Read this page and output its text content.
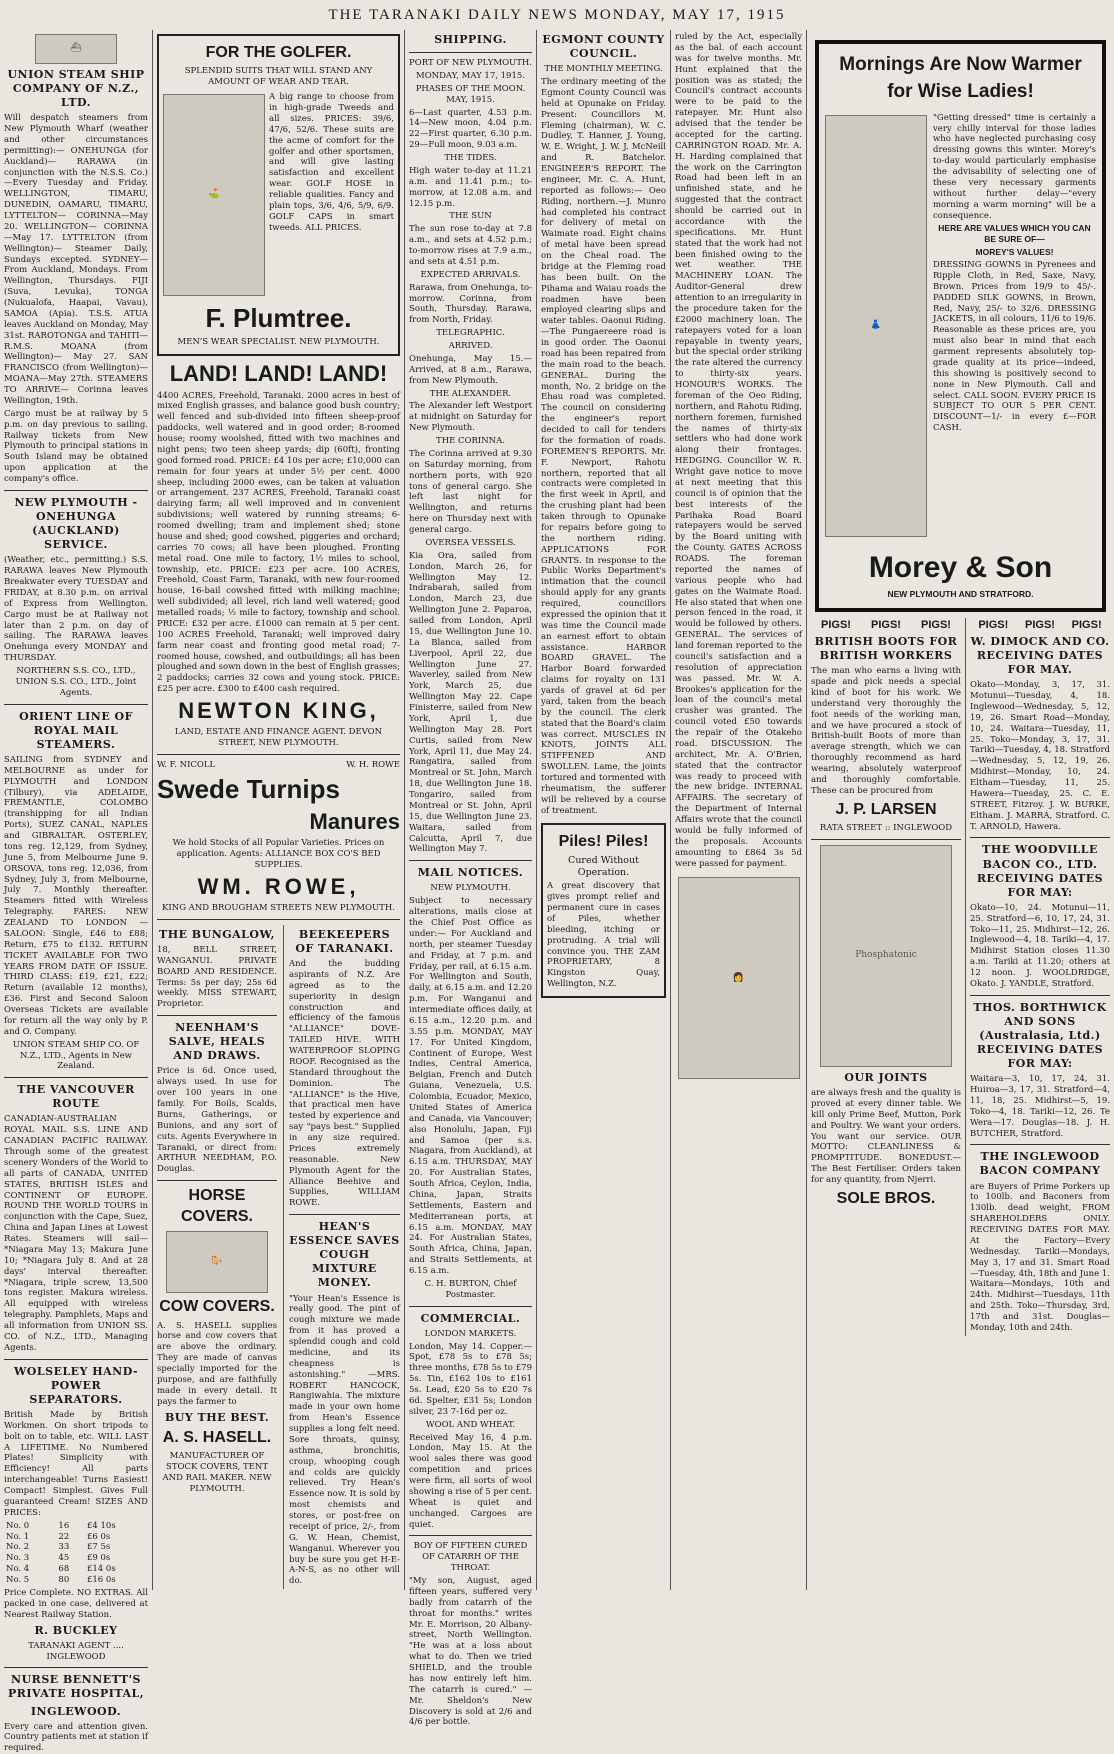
THE TARANAKI DAILY NEWS MONDAY, MAY 17, 1915
⛴
UNION STEAM SHIP COMPANY OF N.Z., LTD.
Will despatch steamers from New Plymouth Wharf (weather and other circumstances permitting):— ONEHUNGA (for Auckland)— RARAWA (in conjunction with the N.S.S. Co.)—Every Tuesday and Friday. WELLINGTON, TIMARU, DUNEDIN, OAMARU, TIMARU, LYTTELTON— CORINNA—May 20. WELLINGTON— CORINNA—May 17. LYTTELTON (from Wellington)— Steamer Daily, Sundays excepted. SYDNEY— From Auckland, Mondays. From Wellington, Thursdays. FIJI (Suva, Levuka), TONGA (Nukualofa, Haapai, Vavau), SAMOA (Apia). T.S.S. ATUA leaves Auckland on Monday, May 31st. RAROTONGA and TAHITI— R.M.S. MOANA (from Wellington)— May 27. SAN FRANCISCO (from Wellington)— MOANA—May 27th. STEAMERS TO ARRIVE— Corinna leaves Wellington, 19th.
Cargo must be at railway by 5 p.m. on day previous to sailing. Railway tickets from New Plymouth to principal stations in South Island may be obtained upon application at the company's office.
NEW PLYMOUTH - ONEHUNGA (AUCKLAND) SERVICE.
(Weather, etc., permitting.) S.S. RARAWA leaves New Plymouth Breakwater every TUESDAY and FRIDAY, at 8.30 p.m. on arrival of Express from Wellington. Cargo must be at Railway not later than 2 p.m. on day of sailing. The RARAWA leaves Onehunga every MONDAY and THURSDAY.
NORTHERN S.S. CO., LTD., UNION S.S. CO., LTD., Joint Agents.
ORIENT LINE OF ROYAL MAIL STEAMERS.
SAILING from SYDNEY and MELBOURNE as under for PLYMOUTH and LONDON (Tilbury), via ADELAIDE, FREMANTLE, COLOMBO (transhipping for all Indian Ports), SUEZ CANAL, NAPLES and GIBRALTAR. OSTERLEY, tons reg. 12,129, from Sydney, June 5, from Melbourne June 9. ORSOVA, tons reg. 12,036, from Sydney, July 3, from Melbourne, July 7. Monthly thereafter. Steamers fitted with Wireless Telegraphy. FARES: NEW ZEALAND TO LONDON —SALOON: Single, £46 to £88; Return, £75 to £132. RETURN TICKET AVAILABLE FOR TWO YEARS FROM DATE OF ISSUE. THIRD CLASS: £19, £21, £22; Return (available 12 months), £36. First and Second Saloon Overseas Tickets are available for return all the way only by P. and O. Company.
UNION STEAM SHIP CO. OF N.Z., LTD., Agents in New Zealand.
THE VANCOUVER ROUTE
CANADIAN-AUSTRALIAN ROYAL MAIL S.S. LINE AND CANADIAN PACIFIC RAILWAY. Through some of the greatest scenery Wonders of the World to all parts of CANADA, UNITED STATES, BRITISH ISLES and CONTINENT OF EUROPE. ROUND THE WORLD TOURS in conjunction with the Cape, Suez, China and Japan Lines at Lowest Rates. Steamers will sail— *Niagara May 13; Makura June 10; *Niagara July 8. And at 28 days' interval thereafter. *Niagara, triple screw, 13,500 tons register. Makura wireless. All equipped with wireless telegraphy. Pamphlets, Maps and all information from UNION SS. CO. of N.Z., LTD., Managing Agents.
WOLSELEY HAND-POWER SEPARATORS.
British Made by British Workmen. On short tripods to bolt on to table, etc. WILL LAST A LIFETIME. No Numbered Plates! Simplicity with Efficiency! All parts interchangeable! Turns Easiest! Compact! Simplest. Gives Full guaranteed Cream! SIZES AND PRICES:
No. 0	16	£4 10s
No. 1	22	£6 0s
No. 2	33	£7 5s
No. 3	45	£9 0s
No. 4	68	£14 0s
No. 5	80	£16 0s
Price Complete. NO EXTRAS. All packed in one case, delivered at Nearest Railway Station.
R. BUCKLEY
TARANAKI AGENT .... INGLEWOOD
NURSE BENNETT'S PRIVATE HOSPITAL,
INGLEWOOD.
Every care and attention given. Country patients met at station if required.
FOR THE GOLFER.
SPLENDID SUITS THAT WILL STAND ANY AMOUNT OF WEAR AND TEAR.
⛳
A big range to choose from in high-grade Tweeds and all sizes. PRICES: 39/6, 47/6, 52/6. These suits are the acme of comfort for the golfer and other sportsmen, and will give lasting satisfaction and excellent wear. GOLF HOSE in reliable qualities. Fancy and plain tops, 3/6, 4/6, 5/9, 6/9. GOLF CAPS in smart tweeds. ALL PRICES.
F. Plumtree.
MEN'S WEAR SPECIALIST. NEW PLYMOUTH.
LAND! LAND! LAND!
4400 ACRES, Freehold, Taranaki. 2000 acres in best of mixed English grasses, and balance good bush country; well fenced and sub-divided into fifteen sheep-proof paddocks, well watered and in good order; 8-roomed house; roomy woolshed, fitted with two machines and night pens; two teen sheep yards; dip (60ft), fronting good formed road. PRICE: £4 10s per acre; £10,000 can remain for four years at under 5½ per cent. 4000 sheep, including 2000 ewes, can be taken at valuation or arrangement. 237 ACRES, Freehold, Taranaki coast dairying farm; all well improved and in convenient subdivisions; well watered by running streams; 6-roomed dwelling; tram and implement shed; stone house and shed; good cowshed, piggeries and orchard; carries 70 cows; all have been ploughed. Fronting metal road. One mile to factory, 1½ miles to school, township, etc. PRICE: £23 per acre. 100 ACRES, Freehold, Coast Farm, Taranaki, with new four-roomed house, 16-bail cowshed fitted with milking machine; well subdivided; all level, rich land well watered; good metalled roads; ½ mile to factory, township and school. PRICE: £32 per acre. £1000 can remain at 5 per cent. 100 ACRES Freehold, Taranaki; well improved dairy farm near coast and fronting good metal road; 7-roomed house, cowshed, and outbuildings; all has been ploughed and sown down in the best of English grasses; 2 paddocks; carries 32 cows and young stock. PRICE: £25 per acre. £300 to £400 cash required.
NEWTON KING,
LAND, ESTATE AND FINANCE AGENT. DEVON STREET, NEW PLYMOUTH.
W. F. NICOLL	W. H. ROWE
Swede Turnips
Manures
We hold Stocks of all Popular Varieties. Prices on application. Agents: ALLIANCE BOX CO'S BED SUPPLIES.
WM. ROWE,
KING AND BROUGHAM STREETS NEW PLYMOUTH.
THE BUNGALOW,
18, BELL STREET, WANGANUI. PRIVATE BOARD AND RESIDENCE. Terms: 5s per day; 25s 6d weekly. MISS STEWART, Proprietor.
NEENHAM'S SALVE, HEALS AND DRAWS.
Price is 6d. Once used, always used. In use for over 100 years in one family. For Boils, Scalds, Burns, Gatherings, or Bunions, and any sort of cuts. Agents Everywhere in Taranaki, or direct from: ARTHUR NEEDHAM, P.O. Douglas.
HORSE COVERS.
🐎
COW COVERS.
A. S. HASELL supplies horse and cow covers that are above the ordinary. They are made of canvas specially imported for the purpose, and are faithfully made in every detail. It pays the farmer to
BUY THE BEST.
A. S. HASELL.
MANUFACTURER OF STOCK COVERS, TENT AND RAIL MAKER. NEW PLYMOUTH.
BEEKEEPERS OF TARANAKI.
And the budding aspirants of N.Z. Are agreed as to the superiority in design construction and efficiency of the famous "ALLIANCE" DOVE-TAILED HIVE. WITH WATERPROOF SLOPING ROOF. Recognised as the Standard throughout the Dominion. The "ALLIANCE" is the Hive, that practical men have tested by experience and say "pays best." Supplied in any size required. Prices extremely reasonable. New Plymouth Agent for the Alliance Beehive and Supplies, WILLIAM ROWE.
HEAN'S ESSENCE SAVES COUGH MIXTURE MONEY.
"Your Hean's Essence is really good. The pint of cough mixture we made from it has proved a splendid cough and cold medicine, and its cheapness is astonishing." —MRS. ROBERT HANCOCK, Rangiwahia. The mixture made in your own home from Hean's Essence supplies a long felt need. Sore throats, quinsy, asthma, bronchitis, croup, whooping cough and colds are quickly relieved. Try Hean's Essence now. It is sold by most chemists and stores, or post-free on receipt of price, 2/-, from G. W. Hean, Chemist, Wanganui. Wherever you buy be sure you get H-E-A-N-S, as no other will do.
SHIPPING.
PORT OF NEW PLYMOUTH.
MONDAY, MAY 17, 1915.
PHASES OF THE MOON. MAY, 1915.
6—Last quarter, 4.53 p.m. 14—New moon, 4.04 p.m. 22—First quarter, 6.30 p.m. 29—Full moon, 9.03 a.m.
THE TIDES.
High water to-day at 11.21 a.m. and 11.41 p.m.; to-morrow, at 12.08 a.m. and 12.15 p.m.
THE SUN
The sun rose to-day at 7.8 a.m., and sets at 4.52 p.m.; to-morrow rises at 7.9 a.m., and sets at 4.51 p.m.
EXPECTED ARRIVALS.
Rarawa, from Onehunga, to-morrow. Corinna, from South, Thursday. Rarawa, from North, Friday.
TELEGRAPHIC.
ARRIVED.
Onehunga, May 15.—Arrived, at 8 a.m., Rarawa, from New Plymouth.
THE ALEXANDER.
The Alexander left Westport at midnight on Saturday for New Plymouth.
THE CORINNA.
The Corinna arrived at 9.30 on Saturday morning, from northern ports, with 920 tons of general cargo. She left last night for Wellington, and returns here on Thursday next with general cargo.
OVERSEA VESSELS.
Kia Ora, sailed from London, March 26, for Wellington May 12. Indrabarah, sailed from London, March 23, due Wellington June 2. Paparoa, sailed from London, April 15, due Wellington June 10. La Blanca, sailed from Liverpool, April 22, due Wellington June 27. Waverley, sailed from New York, March 25, due Wellington May 22. Cape Finisterre, sailed from New York, April 1, due Wellington May 28. Port Curtis, sailed from New York, April 11, due May 24. Rangatira, sailed from Montreal or St. John, March 18, due Wellington June 18. Tongariro, sailed from Montreal or St. John, April 15, due Wellington June 23. Waitara, sailed from Calcutta, April 7, due Wellington May 7.
MAIL NOTICES.
NEW PLYMOUTH.
Subject to necessary alterations, mails close at the Chief Post Office as under:— For Auckland and north, per steamer Tuesday and Friday, at 7 p.m. and Friday, per rail, at 6.15 a.m. For Wellington and South, daily, at 6.15 a.m. and 12.20 p.m. For Wanganui and intermediate offices daily, at 6.15 a.m., 12.20 p.m. and 3.55 p.m. MONDAY, MAY 17. For United Kingdom, Continent of Europe, West Indies, Central America, Belgian, French and Dutch Guiana, Venezuela, U.S. Colombia, Ecuador, Mexico, United States of America and Canada, via Vancouver; also Honolulu, Japan, Fiji and Samoa (per s.s. Niagara, from Auckland), at 6.15 a.m. THURSDAY, MAY 20. For Australian States, South Africa, Ceylon, India, China, Japan, Straits Settlements, Eastern and Mediterranean ports, at 6.15 a.m. MONDAY, MAY 24. For Australian States, South Africa, China, Japan, and Straits Settlements, at 6.15 a.m.
C. H. BURTON, Chief Postmaster.
COMMERCIAL.
LONDON MARKETS.
London, May 14. Copper.—Spot, £78 5s to £78 5s; three months, £78 5s to £79 5s. Tin, £162 10s to £161 5s. Lead, £20 5s to £20 7s 6d. Spelter, £31 5s; London silver, 23 7-16d per oz.
WOOL AND WHEAT.
Received May 16, 4 p.m. London, May 15. At the wool sales there was good competition and prices were firm, all sorts of wool showing a rise of 5 per cent. Wheat is quiet and unchanged. Cargoes are quiet.
BOY OF FIFTEEN CURED OF CATARRH OF THE THROAT.
"My son, August, aged fifteen years, suffered very badly from catarrh of the throat for months." writes Mr. E. Morrison, 20 Albany-street, North Wellington. "He was at a loss about what to do. Then we tried SHIELD, and the trouble has now entirely left him. The catarrh is cured." — Mr. Sheldon's New Discovery is sold at 2/6 and 4/6 per bottle.
EGMONT COUNTY COUNCIL.
THE MONTHLY MEETING.
The ordinary meeting of the Egmont County Council was held at Opunake on Friday. Present: Councillors M. Fleming (chairman), W. C. Dudley, T. Hanner, J. Young, W. E. Wright, J. W. J. McNeill and R. Batchelor. ENGINEER'S REPORT. The engineer, Mr. C. A. Hunt, reported as follows:— Oeo Riding, northern.—J. Munro had completed his contract for delivery of metal on Waimate road. Eight chains of metal have been spread on the Cheal road. The bridge at the Fleming road has been built. On the Pihama and Waiau roads the roadmen have been employed clearing slips and water tables. Oaonui Riding.—The Pungaereere road is in good order. The Oaonui road has been repaired from the main road to the beach. GENERAL. During the month, No. 2 bridge on the Ehau road was completed. The council on considering the engineer's report decided to call for tenders for the formation of roads. FOREMEN'S REPORTS. Mr. F. Newport, Rahotu northern, reported that all contracts were completed in the first week in April, and the crushing plant had been taken through to Opunake for repairs before going to the northern riding. APPLICATIONS FOR GRANTS. In response to the Public Works Department's intimation that the council should apply for any grants required, councillors expressed the opinion that it was time the Council made an earnest effort to obtain assistance. HARBOR BOARD GRAVEL. The Harbor Board forwarded claims for royalty on 131 yards of gravel at 6d per yard, taken from the beach by the council. The clerk stated that the Board's claim was correct. MUSCLES IN KNOTS, JOINTS ALL STIFFENED AND SWOLLEN. Lame, the joints tortured and tormented with rheumatism, the sufferer will be relieved by a course of treatment.
Piles! Piles!
Cured Without Operation.
A great discovery that gives prompt relief and permanent cure in cases of Piles, whether bleeding, itching or protruding. A trial will convince you. THE ZAM PROPRIETARY, 8 Kingston Quay, Wellington, N.Z.
ruled by the Act, especially as the bal. of each account was for twelve months. Mr. Hunt explained that the position was as stated; the Council's contract accounts were to be paid to the ratepayer. Mr. Hunt also advised that the tender be accepted for the carting. CARRINGTON ROAD. Mr. A. H. Harding complained that the work on the Carrington Road had been left in an unfinished state, and he suggested that the contract should be carried out in accordance with the specifications. Mr. Hunt stated that the work had not been finished owing to the wet weather. THE MACHINERY LOAN. The Auditor-General drew attention to an irregularity in the procedure taken for the £2000 machinery loan. The ratepayers voted for a loan repayable in twenty years, but the special order striking the rate altered the currency to thirty-six years. HONOUR'S WORKS. The foreman of the Oeo Riding, northern, and Rahotu Riding, northern foremen, furnished the names of thirty-six settlers who had done work along their frontages. HEDGING. Councillor W. R. Wright gave notice to move at next meeting that this council is of opinion that the best interests of the Parihaka Road Board ratepayers would be served by the Board uniting with the County. GATES ACROSS ROADS. The foreman reported the names of various people who had gates on the Waimate Road. He also stated that when one person fenced in the road, it would be followed by others. GENERAL. The services of land foreman reported to the council's satisfaction and a resolution of appreciation was passed. Mr. W. A. Brookes's application for the loan of the council's metal crusher was granted. The council voted £50 towards the repair of the Otakeho road. DISCUSSION. The architect, Mr. A. O'Brien, stated that the contractor was ready to proceed with the new bridge. INTERNAL AFFAIRS. The secretary of the Department of Internal Affairs wrote that the council would be fully informed of the proposals. Accounts amounting to £864 3s 5d were passed for payment.
👩
Mornings Are Now Warmer
for Wise Ladies!
👗
"Getting dressed" time is certainly a very chilly interval for those ladies who have neglected purchasing cosy dressing gowns this winter. Morey's to-day would particularly emphasise the advisability of selecting one of these very necessary garments without further delay—"every morning a warm morning" will be a consequence.
HERE ARE VALUES WHICH YOU CAN BE SURE OF—
MOREY'S VALUES!
DRESSING GOWNS in Pyrenees and Ripple Cloth, in Red, Saxe, Navy, Brown. Prices from 19/9 to 45/-. PADDED SILK GOWNS, in Brown, Red, Navy, 25/- to 32/6. DRESSING JACKETS, in all colours, 11/6 to 19/6. Reasonable as these prices are, you must also bear in mind that each garment represents absolutely top-grade quality at its price—indeed, this showing is positively second to none in New Plymouth. Call and select. CALL SOON. EVERY PRICE IS SUBJECT TO OUR 5 PER CENT. DISCOUNT—1/- in every £—FOR CASH.
Morey & Son
NEW PLYMOUTH AND STRATFORD.
PIGS! PIGS! PIGS!
BRITISH BOOTS FOR BRITISH WORKERS
The man who earns a living with spade and pick needs a special kind of boot for his work. We understand very thoroughly the foot needs of the working man, and we have procured a stock of British-built Boots of more than average strength, which we can thoroughly recommend as hard wearing, absolutely waterproof and thoroughly comfortable. These can be procured from
J. P. LARSEN
RATA STREET :: INGLEWOOD
Phosphatonic
OUR JOINTS
are always fresh and the quality is proved at every dinner table. We kill only Prime Beef, Mutton, Pork and Poultry. We want your orders. You want our service. OUR MOTTO: CLEANLINESS & PROMPTITUDE. BONEDUST.—The Best Fertiliser. Orders taken for any quantity, from Njerri.
SOLE BROS.
PIGS! PIGS! PIGS!
W. DIMOCK AND CO. RECEIVING DATES FOR MAY.
Okato—Monday, 3, 17, 31. Motunui—Tuesday, 4, 18. Inglewood—Wednesday, 5, 12, 19, 26. Smart Road—Monday, 10, 24. Waitara—Tuesday, 11, 25. Toko—Monday, 3, 17, 31. Tariki—Tuesday, 4, 18. Stratford—Wednesday, 5, 12, 19, 26. Midhirst—Monday, 10, 24. Eltham—Tuesday, 11, 25. Hawera—Tuesday, 25. C. E. STREET, Fitzroy. J. W. BURKE, Eltham. J. MARRA, Stratford. C. T. ARNOLD, Hawera.
THE WOODVILLE BACON CO., LTD. RECEIVING DATES FOR MAY:
Okato—10, 24. Motunui—11, 25. Stratford—6, 10, 17, 24, 31. Toko—11, 25. Midhirst—12, 26. Inglewood—4, 18. Tariki—4, 17. Midhirst Station closes 11.30 a.m. Tariki at 11.20; others at 12 noon. J. WOOLDRIDGE, Okato. J. YANDLE, Stratford.
THOS. BORTHWICK AND SONS (Australasia, Ltd.) RECEIVING DATES FOR MAY:
Waitara—3, 10, 17, 24, 31. Huiroa—3, 17, 31. Stratford—4, 11, 18, 25. Midhirst—5, 19. Toko—4, 18. Tariki—12, 26. Te Wera—17. Douglas—18. J. H. BUTCHER, Stratford.
THE INGLEWOOD BACON COMPANY
are Buyers of Prime Porkers up to 100lb. and Baconers from 130lb. dead weight, FROM SHAREHOLDERS ONLY. RECEIVING DATES FOR MAY. At the Factory—Every Wednesday. Tariki—Mondays, May 3, 17 and 31. Smart Road—Tuesday, 4th, 18th and June 1. Waitara—Mondays, 10th and 24th. Midhirst—Tuesdays, 11th and 25th. Toko—Thursday, 3rd, 17th and 31st. Douglas—Monday, 10th and 24th.
